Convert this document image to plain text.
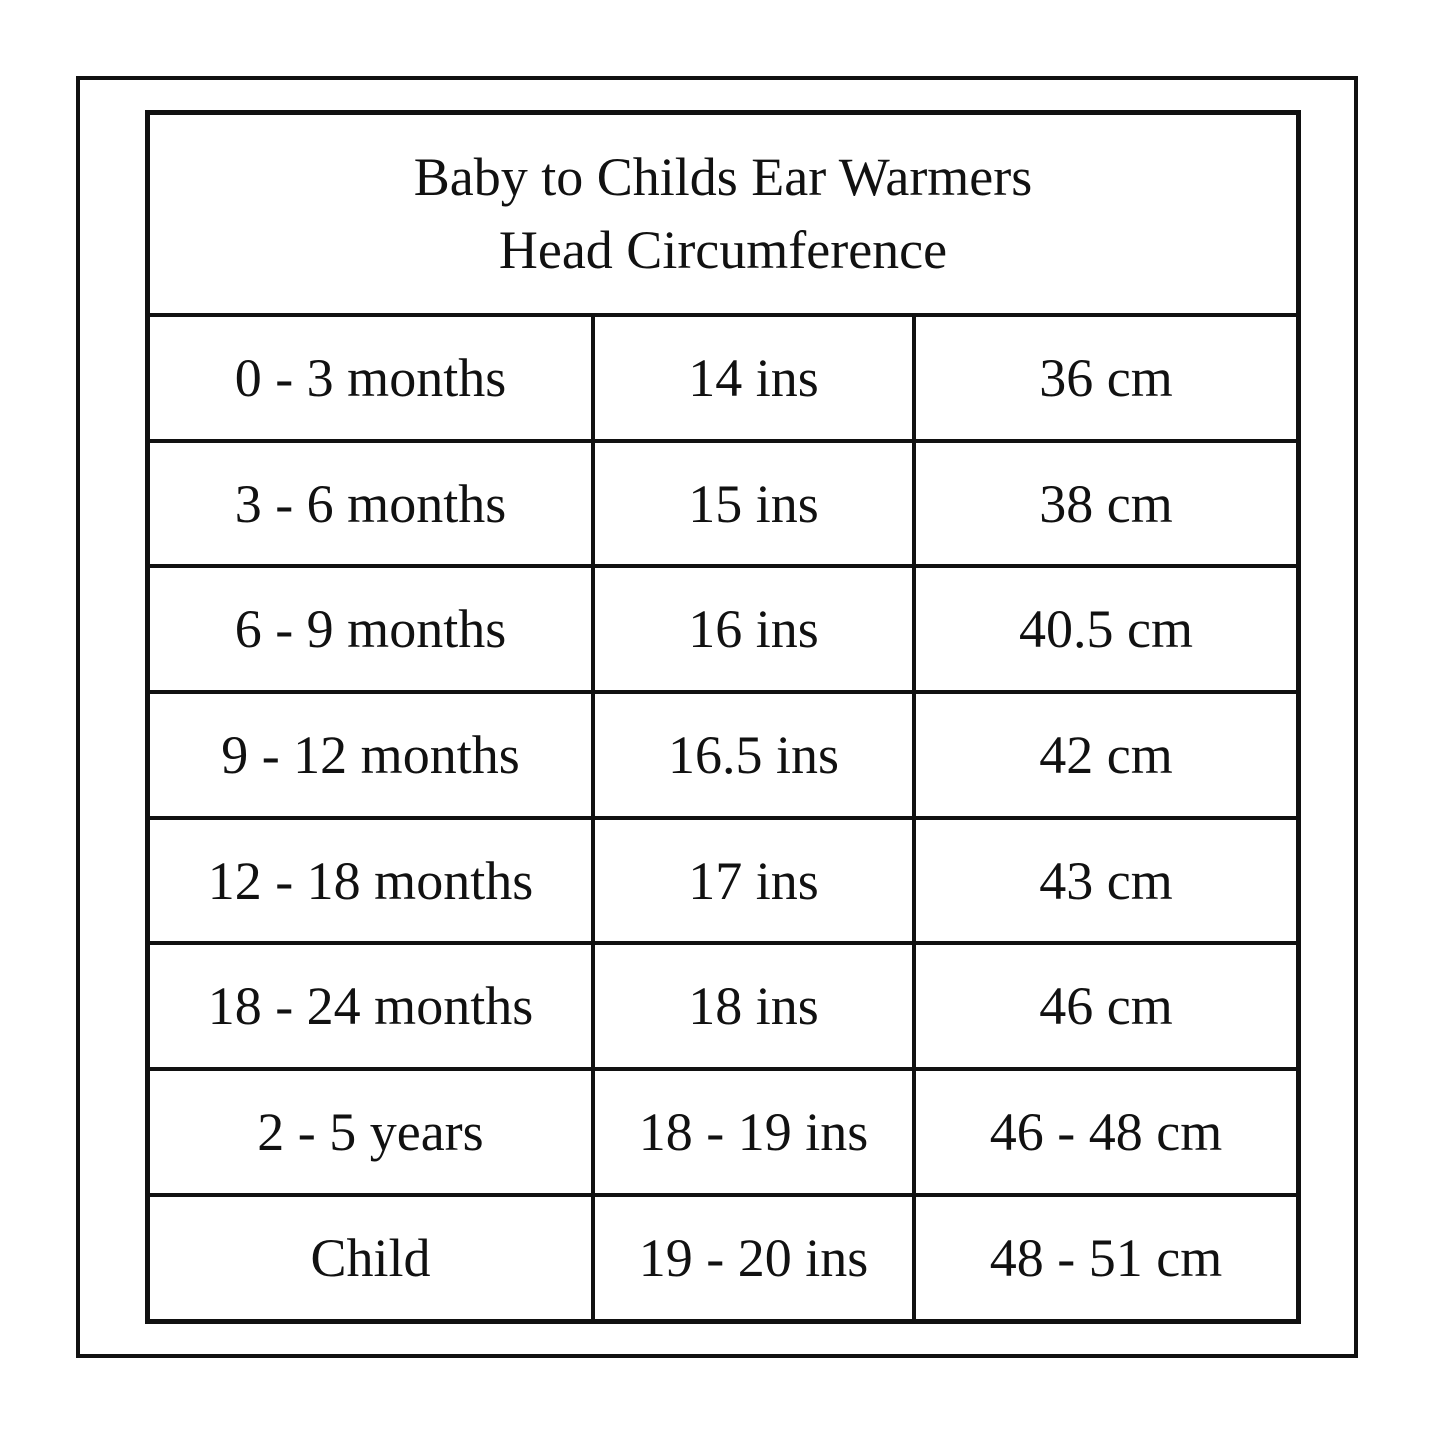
Baby to Childs Ear Warmers
Head Circumference		

0 - 3 months	14 ins	36 cm
3 - 6 months	15 ins	38 cm
6 - 9 months	16 ins	40.5 cm
9 - 12 months	16.5 ins	42 cm
12 - 18 months	17 ins	43 cm
18 - 24 months	18 ins	46 cm
2 - 5 years	18 - 19 ins	46 - 48 cm
Child	19 - 20 ins	48 - 51 cm
